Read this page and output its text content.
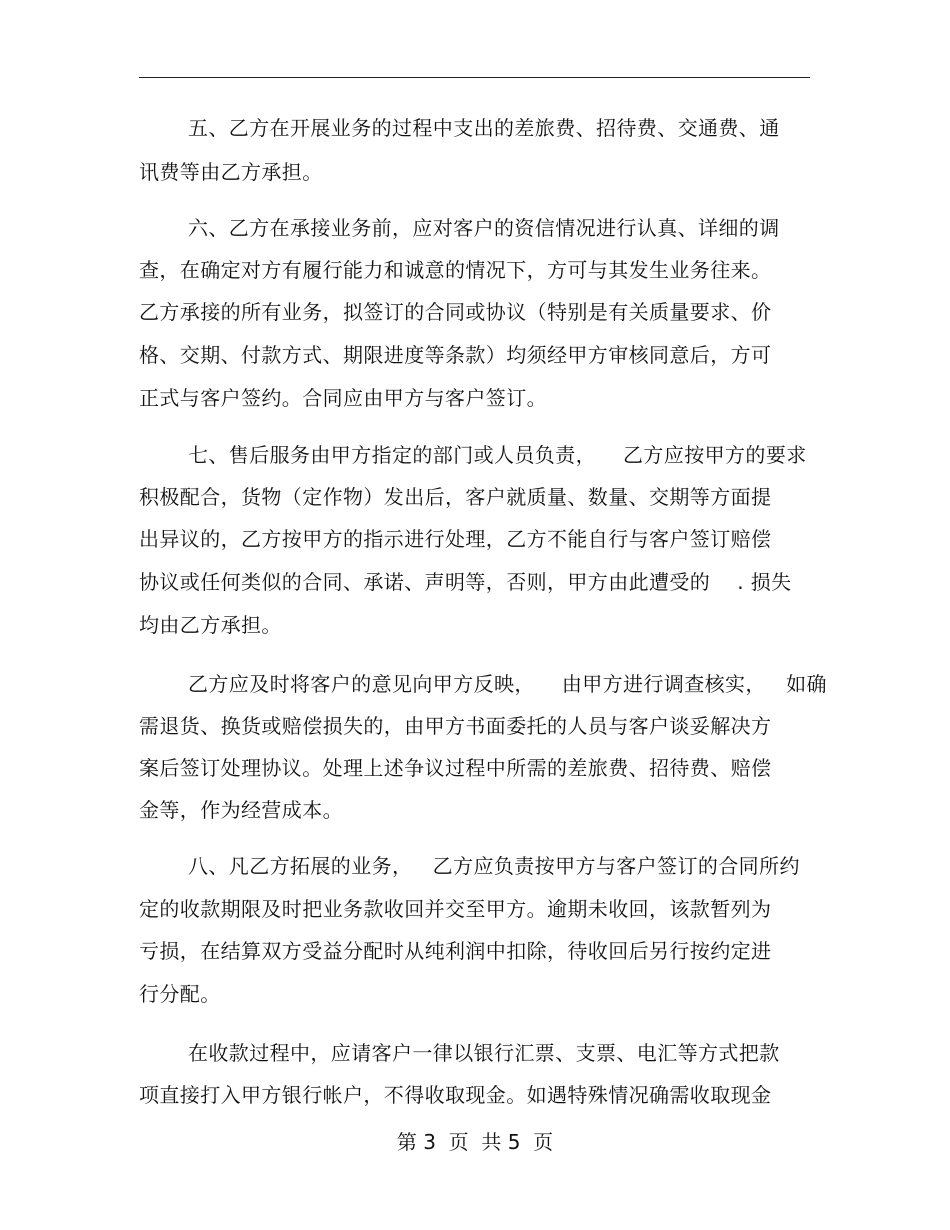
五、乙方在开展业务的过程中支出的差旅费、招待费、交通费、通
讯费等由乙方承担。
六、乙方在承接业务前，应对客户的资信情况进行认真、详细的调
查，在确定对方有履行能力和诚意的情况下，方可与其发生业务往来。
乙方承接的所有业务，拟签订的合同或协议（特别是有关质量要求、价
格、交期、付款方式、期限进度等条款）均须经甲方审核同意后，方可
正式与客户签约。合同应由甲方与客户签订。
七、售后服务由甲方指定的部门或人员负责，    乙方应按甲方的要求
积极配合，货物（定作物）发出后，客户就质量、数量、交期等方面提
出异议的，乙方按甲方的指示进行处理，乙方不能自行与客户签订赔偿
协议或任何类似的合同、承诺、声明等，否则，甲方由此遭受的    . 损失
均由乙方承担。
乙方应及时将客户的意见向甲方反映，    由甲方进行调查核实，   如确
需退货、换货或赔偿损失的，由甲方书面委托的人员与客户谈妥解决方
案后签订处理协议。处理上述争议过程中所需的差旅费、招待费、赔偿
金等，作为经营成本。
八、凡乙方拓展的业务，   乙方应负责按甲方与客户签订的合同所约
定的收款期限及时把业务款收回并交至甲方。逾期未收回，该款暂列为
亏损，在结算双方受益分配时从纯利润中扣除，待收回后另行按约定进
行分配。
在收款过程中，应请客户一律以银行汇票、支票、电汇等方式把款
项直接打入甲方银行帐户，不得收取现金。如遇特殊情况确需收取现金
第 3  页  共 5  页
